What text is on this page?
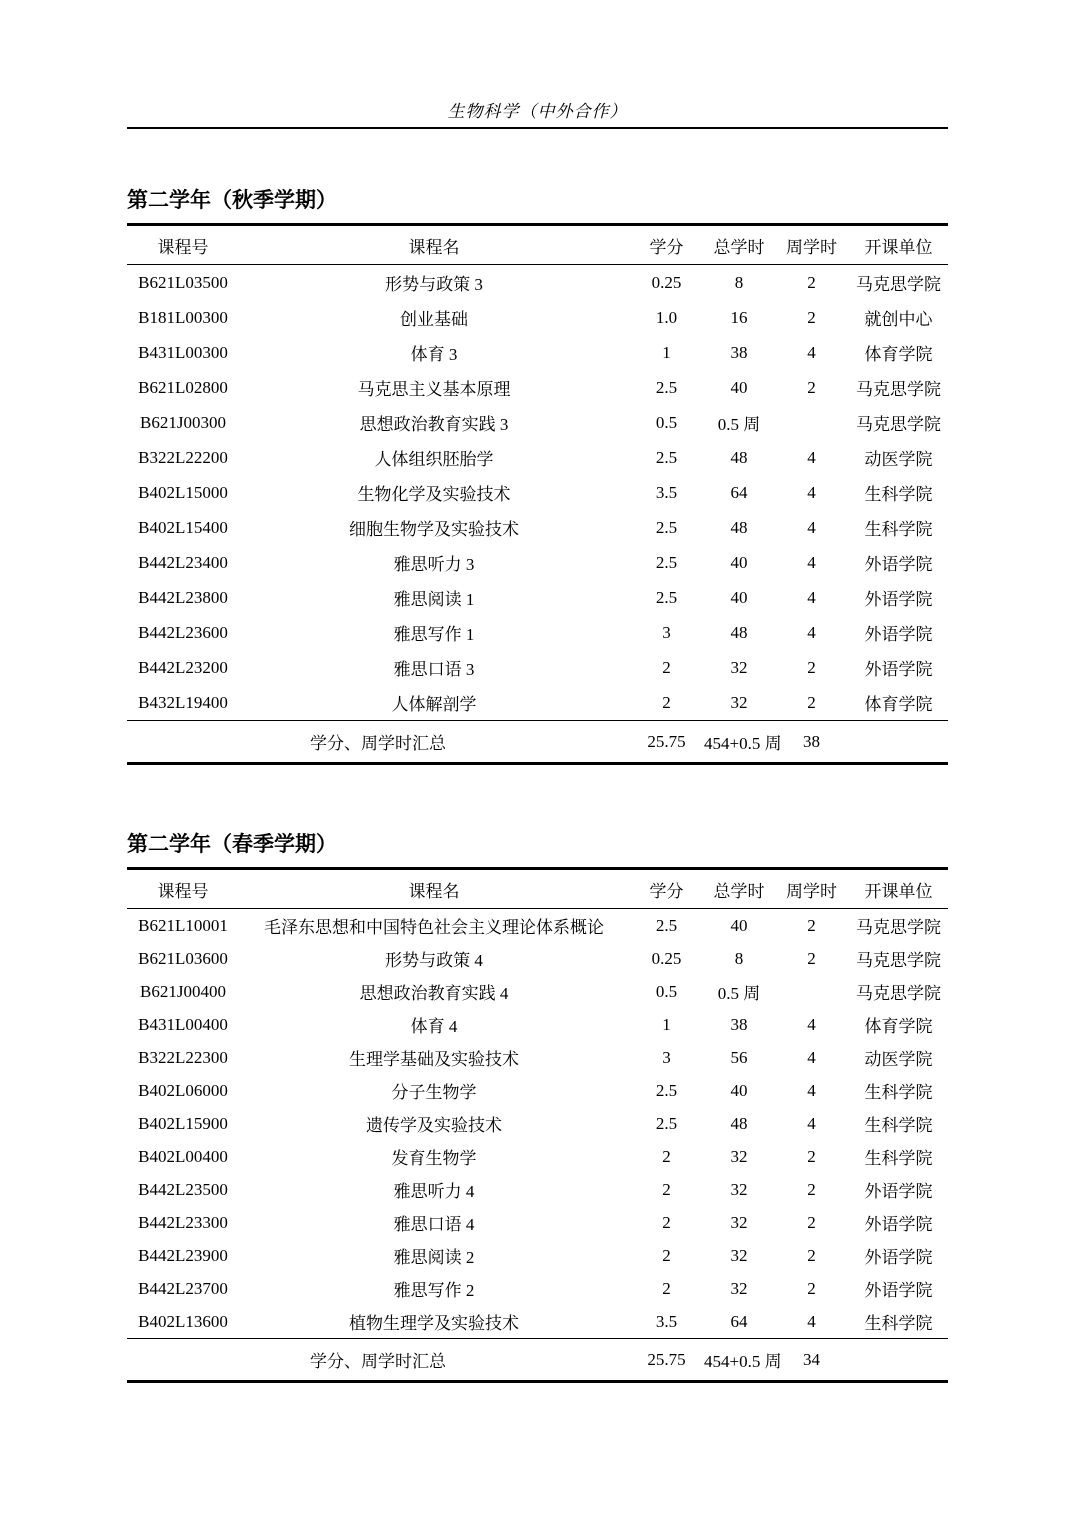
生物科学（中外合作）
第二学年（秋季学期）
课程号	课程名	学分	总学时	周学时	开课单位
B621L03500	形势与政策 3	0.25	8	2	马克思学院
B181L00300	创业基础	1.0	16	2	就创中心
B431L00300	体育 3	1	38	4	体育学院
B621L02800	马克思主义基本原理	2.5	40	2	马克思学院
B621J00300	思想政治教育实践 3	0.5	0.5 周		马克思学院
B322L22200	人体组织胚胎学	2.5	48	4	动医学院
B402L15000	生物化学及实验技术	3.5	64	4	生科学院
B402L15400	细胞生物学及实验技术	2.5	48	4	生科学院
B442L23400	雅思听力 3	2.5	40	4	外语学院
B442L23800	雅思阅读 1	2.5	40	4	外语学院
B442L23600	雅思写作 1	3	48	4	外语学院
B442L23200	雅思口语 3	2	32	2	外语学院
B432L19400	人体解剖学	2	32	2	体育学院
学分、周学时汇总		25.75	454+0.5 周	38	
第二学年（春季学期）
课程号	课程名	学分	总学时	周学时	开课单位
B621L10001	毛泽东思想和中国特色社会主义理论体系概论	2.5	40	2	马克思学院
B621L03600	形势与政策 4	0.25	8	2	马克思学院
B621J00400	思想政治教育实践 4	0.5	0.5 周		马克思学院
B431L00400	体育 4	1	38	4	体育学院
B322L22300	生理学基础及实验技术	3	56	4	动医学院
B402L06000	分子生物学	2.5	40	4	生科学院
B402L15900	遗传学及实验技术	2.5	48	4	生科学院
B402L00400	发育生物学	2	32	2	生科学院
B442L23500	雅思听力 4	2	32	2	外语学院
B442L23300	雅思口语 4	2	32	2	外语学院
B442L23900	雅思阅读 2	2	32	2	外语学院
B442L23700	雅思写作 2	2	32	2	外语学院
B402L13600	植物生理学及实验技术	3.5	64	4	生科学院
学分、周学时汇总		25.75	454+0.5 周	34	
